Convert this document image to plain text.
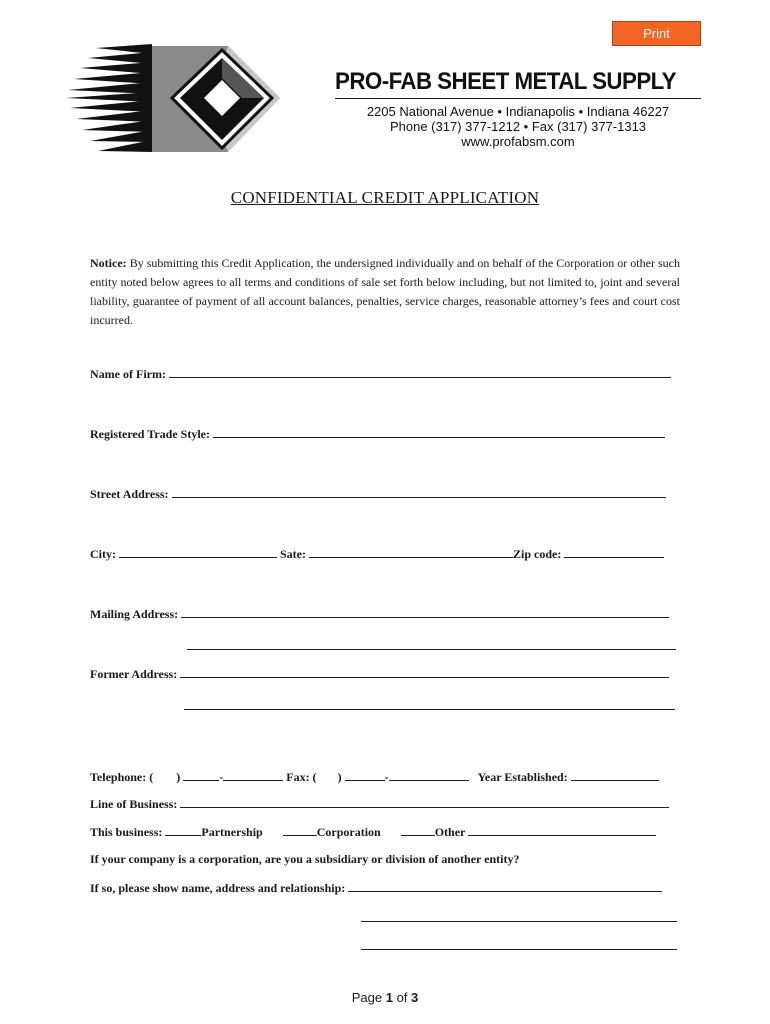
Print
PRO-FAB SHEET METAL SUPPLY
2205 National Avenue • Indianapolis • Indiana 46227
Phone (317) 377-1212 • Fax (317) 377-1313
www.profabsm.com
CONFIDENTIAL CREDIT APPLICATION
Notice: By submitting this Credit Application, the undersigned individually and on behalf of the Corporation or other such entity noted below agrees to all terms and conditions of sale set forth below including, but not limited to, joint and several liability, guarantee of payment of all account balances, penalties, service charges, reasonable attorney’s fees and court cost incurred.
Name of Firm:
Registered Trade Style:
Street Address:
City:	Sate:	Zip code:
Mailing Address:
Former Address:
Telephone: ( )	-	Fax: ( )	-	Year Established:
Line of Business:
This business:	Partnership	Corporation	Other
If your company is a corporation, are you a subsidiary or division of another entity?
If so, please show name, address and relationship:
Page 1 of 3
